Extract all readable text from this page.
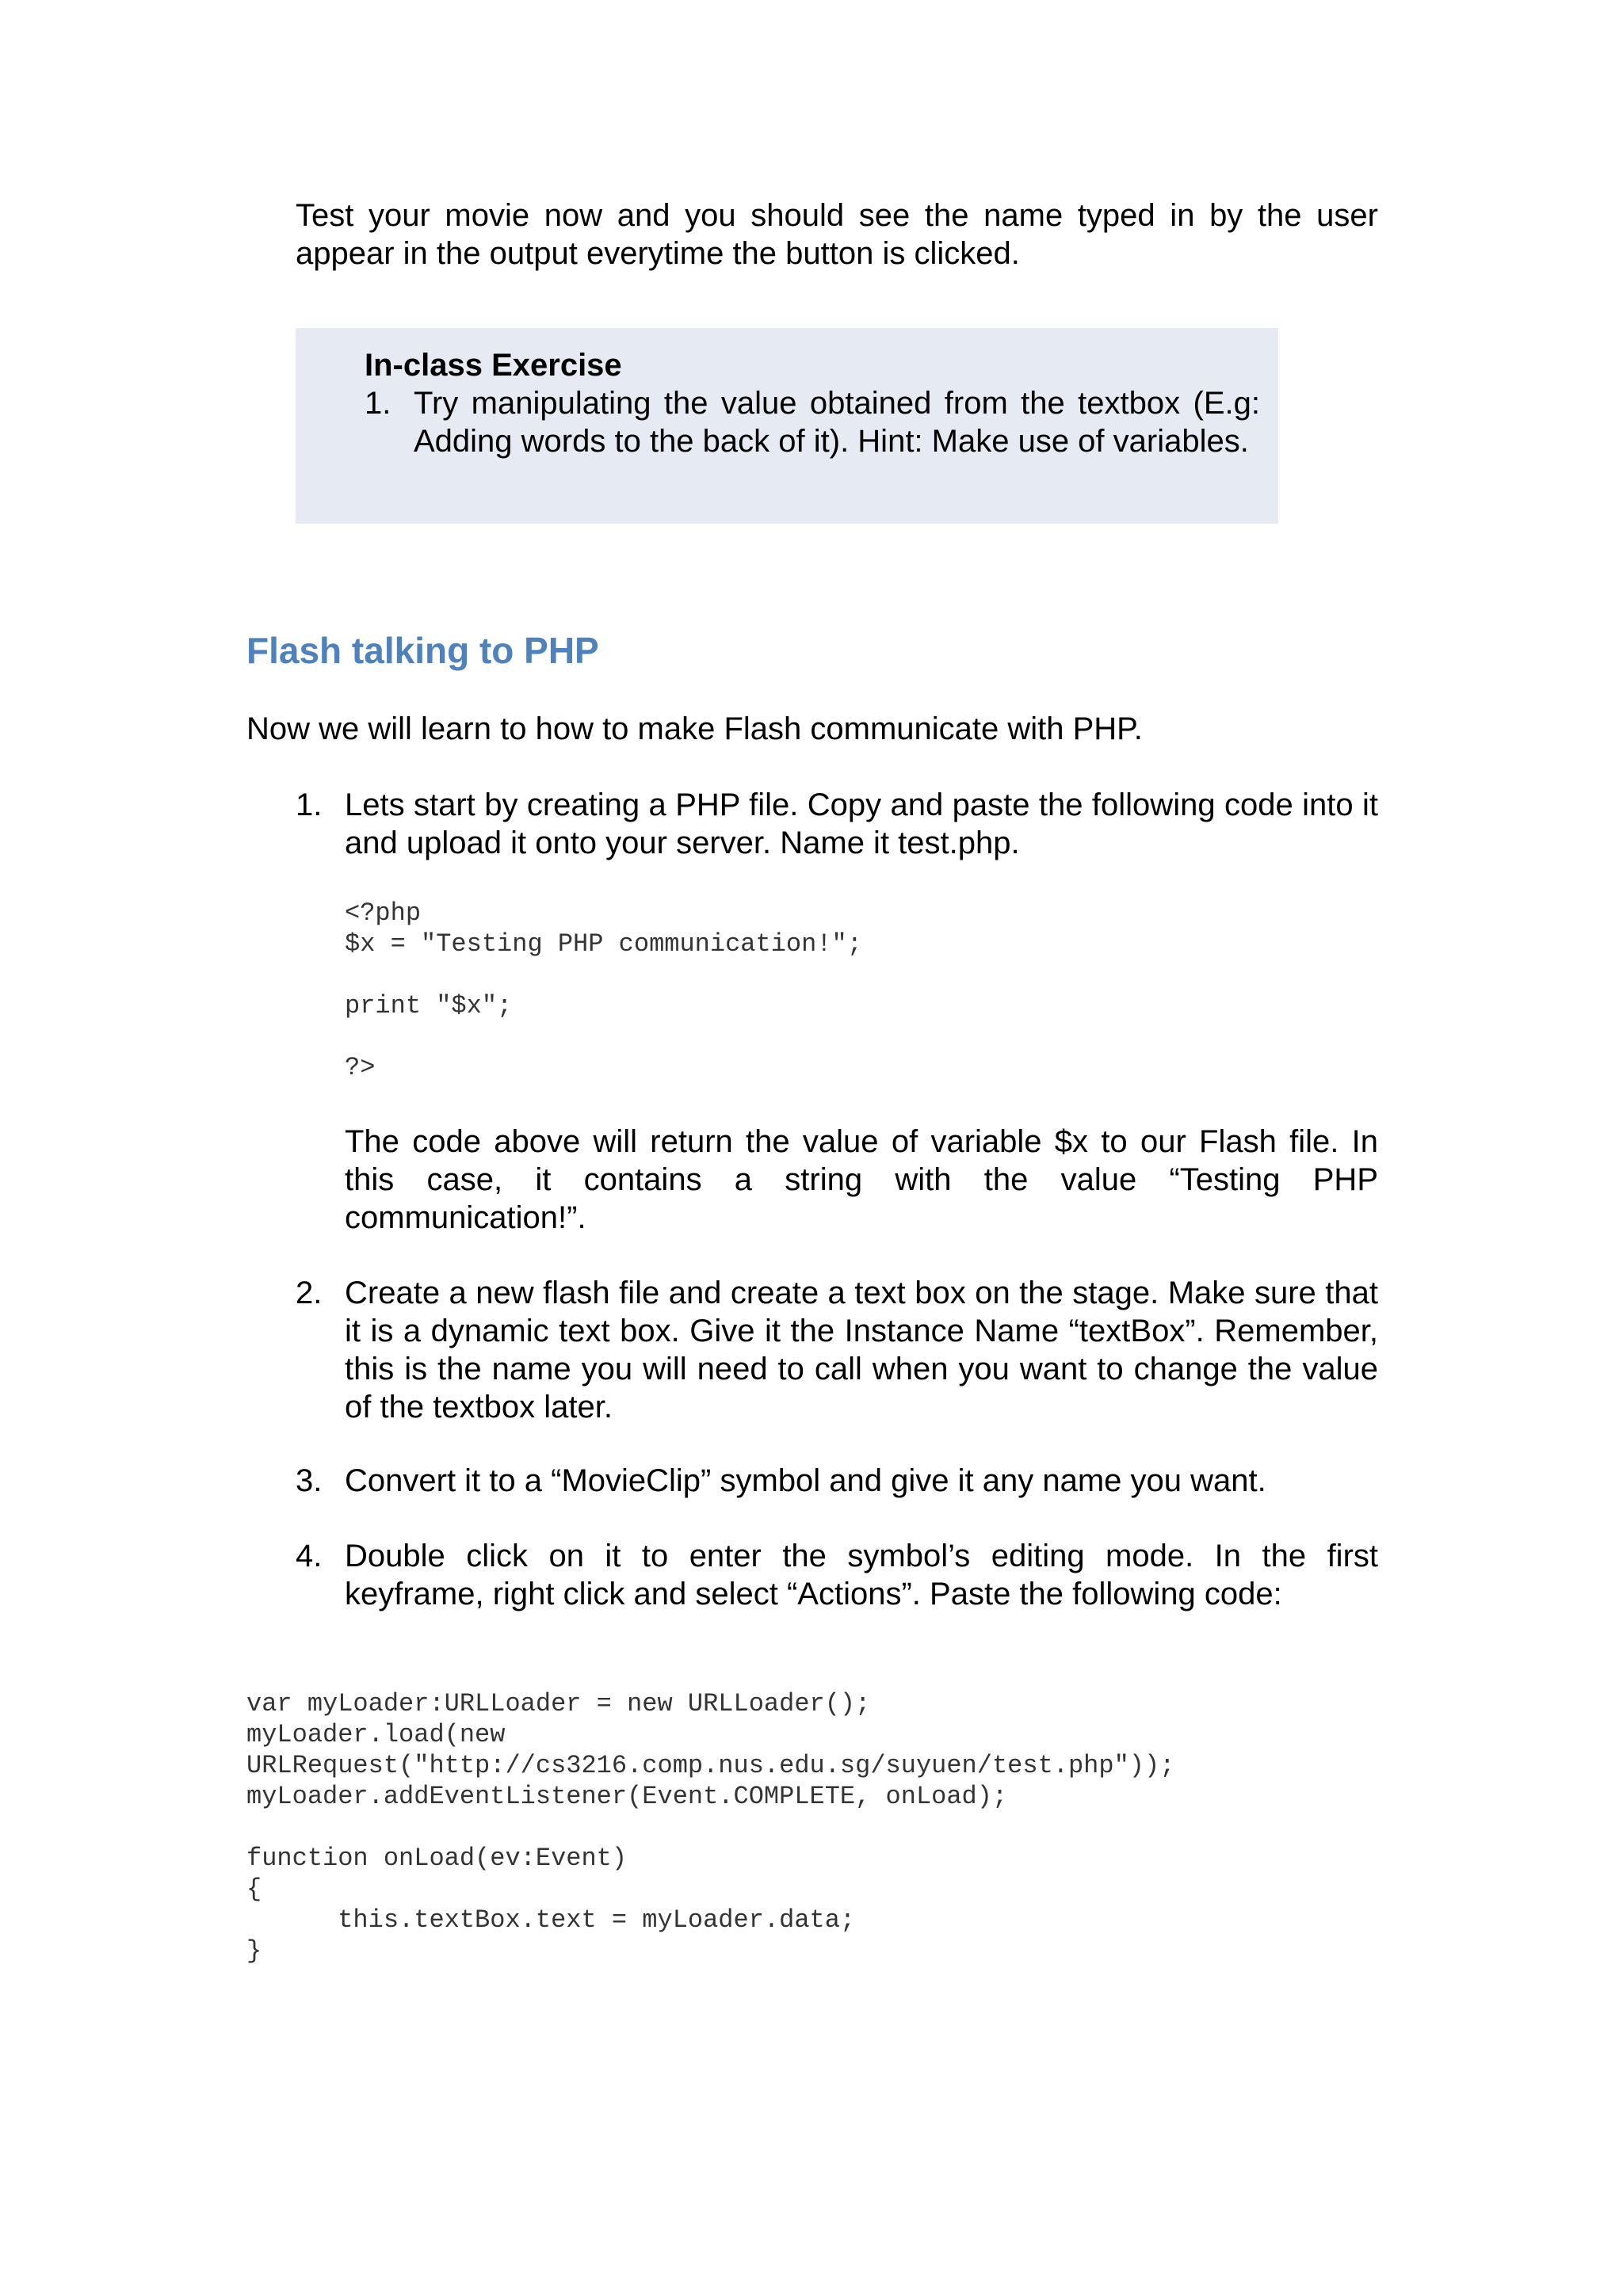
Test your movie now and you should see the name typed in by the user appear in the output everytime the button is clicked.

In-class Exercise

1. Try manipulating the value obtained from the textbox (E.g: Adding words to the back of it). Hint: Make use of variables.

Flash talking to PHP

Now we will learn to how to make Flash communicate with PHP.

1. Lets start by creating a PHP file. Copy and paste the following code into it and upload it onto your server. Name it test.php.

<?php
$x = "Testing PHP communication!";

print "$x";

?>

The code above will return the value of variable $x to our Flash file. In this case, it contains a string with the value “Testing PHP communication!”.

2. Create a new flash file and create a text box on the stage. Make sure that it is a dynamic text box. Give it the Instance Name “textBox”. Remember, this is the name you will need to call when you want to change the value of the textbox later.

3. Convert it to a “MovieClip” symbol and give it any name you want.

4. Double click on it to enter the symbol’s editing mode. In the first keyframe, right click and select “Actions”. Paste the following code:

var myLoader:URLLoader = new URLLoader();
myLoader.load(new
URLRequest("http://cs3216.comp.nus.edu.sg/suyuen/test.php"));
myLoader.addEventListener(Event.COMPLETE, onLoad);

function onLoad(ev:Event)
{
this.textBox.text = myLoader.data;
}
